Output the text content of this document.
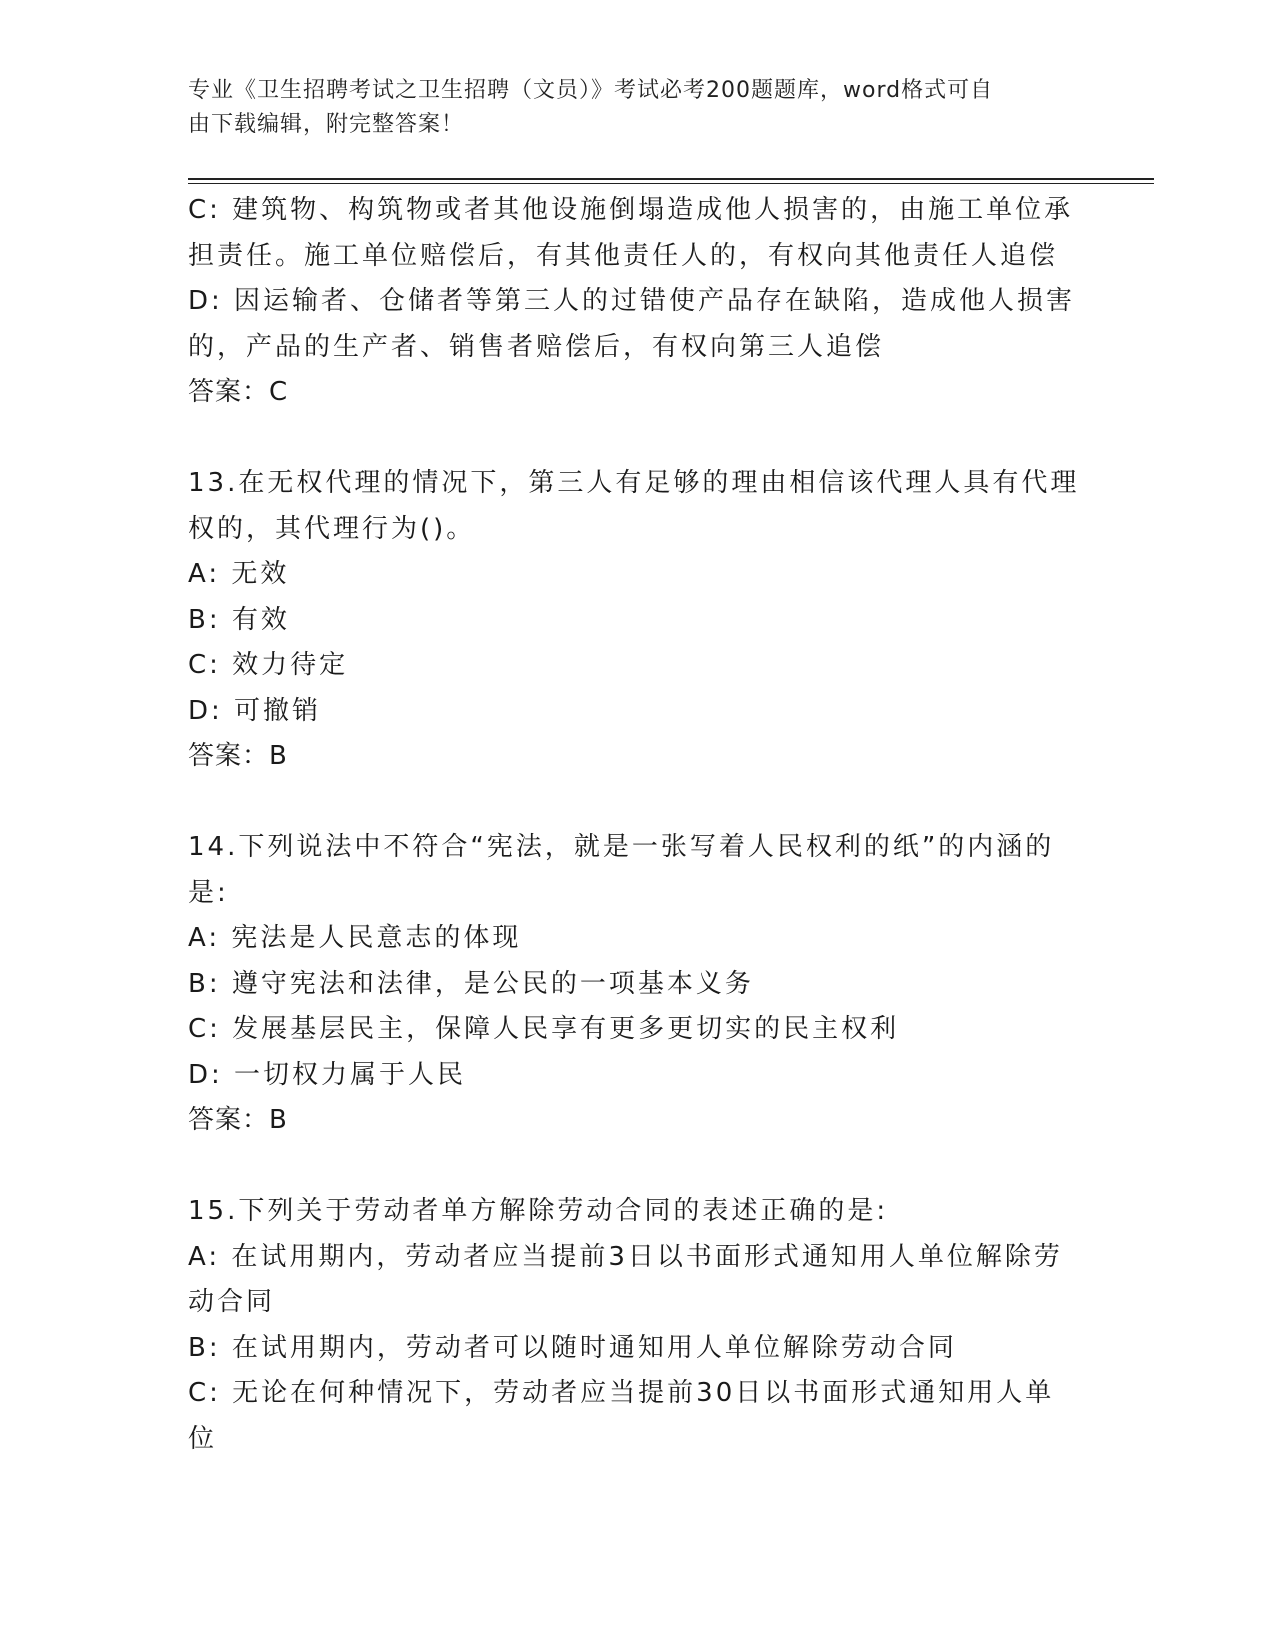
专业《卫生招聘考试之卫生招聘（文员）》考试必考200题题库，word格式可自
由下载编辑，附完整答案！
C: 建筑物、构筑物或者其他设施倒塌造成他人损害的，由施工单位承
担责任。施工单位赔偿后，有其他责任人的，有权向其他责任人追偿
D: 因运输者、仓储者等第三人的过错使产品存在缺陷，造成他人损害
的，产品的生产者、销售者赔偿后，有权向第三人追偿
答案：C
13.在无权代理的情况下，第三人有足够的理由相信该代理人具有代理
权的，其代理行为()。
A: 无效
B: 有效
C: 效力待定
D: 可撤销
答案：B
14.下列说法中不符合“宪法，就是一张写着人民权利的纸”的内涵的
是:
A: 宪法是人民意志的体现
B: 遵守宪法和法律，是公民的一项基本义务
C: 发展基层民主，保障人民享有更多更切实的民主权利
D: 一切权力属于人民
答案：B
15.下列关于劳动者单方解除劳动合同的表述正确的是:
A: 在试用期内，劳动者应当提前3日以书面形式通知用人单位解除劳
动合同
B: 在试用期内，劳动者可以随时通知用人单位解除劳动合同
C: 无论在何种情况下，劳动者应当提前30日以书面形式通知用人单
位
